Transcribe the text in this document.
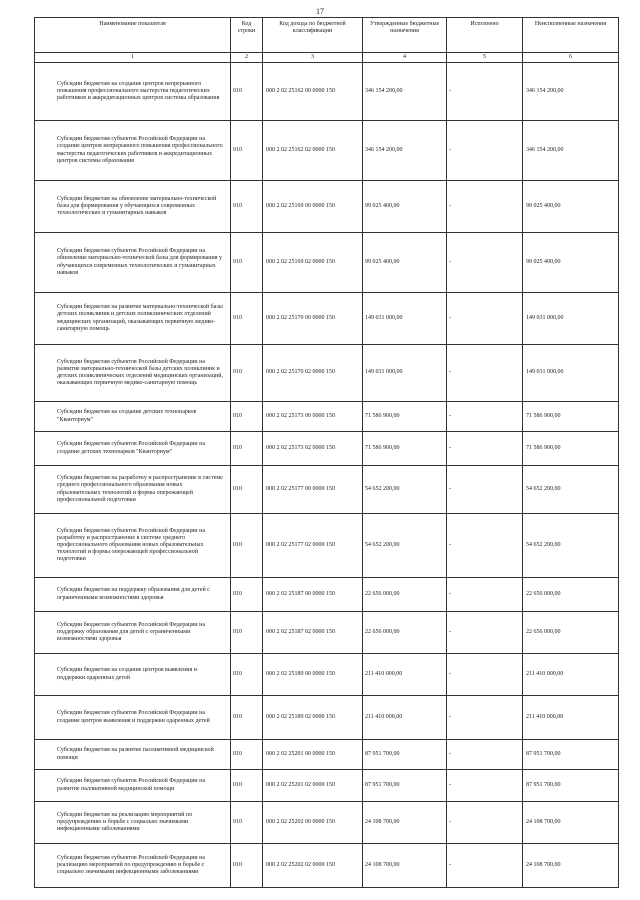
17
Наименование показателя	Код строки	Код дохода по бюджетной классификации	Утвержденные бюджетные назначения	Исполнено	Неисполненные назначения
1	2	3	4	5	6
Субсидии бюджетам на создание центров непрерывного повышения профессионального мастерства педагогических работников и аккредитационных центров системы образования	010	000 2 02 25162 00 0000 150	346 154 200,00	-	346 154 200,00
Субсидии бюджетам субъектов Российской Федерации на создание центров непрерывного повышения профессионального мастерства педагогических работников и аккредитационных центров системы образования	010	000 2 02 25162 02 0000 150	346 154 200,00	-	346 154 200,00
Субсидии бюджетам на обновление материально-технической базы для формирования у обучающихся современных технологических и гуманитарных навыков	010	000 2 02 25169 00 0000 150	99 025 400,00	-	99 025 400,00
Субсидии бюджетам субъектов Российской Федерации на обновление материально-технической базы для формирования у обучающихся современных технологических и гуманитарных навыков	010	000 2 02 25169 02 0000 150	99 025 400,00	-	99 025 400,00
Субсидии бюджетам на развитие материально-технической базы детских поликлиник и детских поликлинических отделений медицинских организаций, оказывающих первичную медико-санитарную помощь	010	000 2 02 25170 00 0000 150	149 031 000,00	-	149 031 000,00
Субсидии бюджетам субъектов Российской Федерации на развитие материально-технической базы детских поликлиник и детских поликлинических отделений медицинских организаций, оказывающих первичную медико-санитарную помощь	010	000 2 02 25170 02 0000 150	149 031 000,00	-	149 031 000,00
Субсидии бюджетам на создание детских технопарков "Кванториум"	010	000 2 02 25173 00 0000 150	71 586 900,00	-	71 586 900,00
Субсидии бюджетам субъектов Российской Федерации на создание детских технопарков "Кванториум"	010	000 2 02 25173 02 0000 150	71 586 900,00	-	71 586 900,00
Субсидии бюджетам на разработку и распространение в системе среднего профессионального образования новых образовательных технологий и формы опережающей профессиональной подготовки	010	000 2 02 25177 00 0000 150	54 652 200,00	-	54 652 200,00
Субсидии бюджетам субъектов Российской Федерации на разработку и распространение в системе среднего профессионального образования новых образовательных технологий и формы опережающей профессиональной подготовки	010	000 2 02 25177 02 0000 150	54 652 200,00	-	54 652 200,00
Субсидии бюджетам на поддержку образования для детей с ограниченными возможностями здоровья	010	000 2 02 25187 00 0000 150	22 656 000,00	-	22 656 000,00
Субсидии бюджетам субъектов Российской Федерации на поддержку образования для детей с ограниченными возможностями здоровья	010	000 2 02 25187 02 0000 150	22 656 000,00	-	22 656 000,00
Субсидии бюджетам на создание центров выявления и поддержки одаренных детей	010	000 2 02 25189 00 0000 150	211 410 000,00	-	211 410 000,00
Субсидии бюджетам субъектов Российской Федерации на создание центров выявления и поддержки одаренных детей	010	000 2 02 25189 02 0000 150	211 410 000,00	-	211 410 000,00
Субсидии бюджетам на развитие паллиативной медицинской помощи	010	000 2 02 25201 00 0000 150	87 951 700,00	-	87 951 700,00
Субсидии бюджетам субъектов Российской Федерации на развитие паллиативной медицинской помощи	010	000 2 02 25201 02 0000 150	87 951 700,00	-	87 951 700,00
Субсидии бюджетам на реализацию мероприятий по предупреждению и борьбе с социально значимыми инфекционными заболеваниями	010	000 2 02 25202 00 0000 150	24 108 700,00	-	24 108 700,00
Субсидии бюджетам субъектов Российской Федерации на реализацию мероприятий по предупреждению и борьбе с социально значимыми инфекционными заболеваниями	010	000 2 02 25202 02 0000 150	24 108 700,00	-	24 108 700,00
